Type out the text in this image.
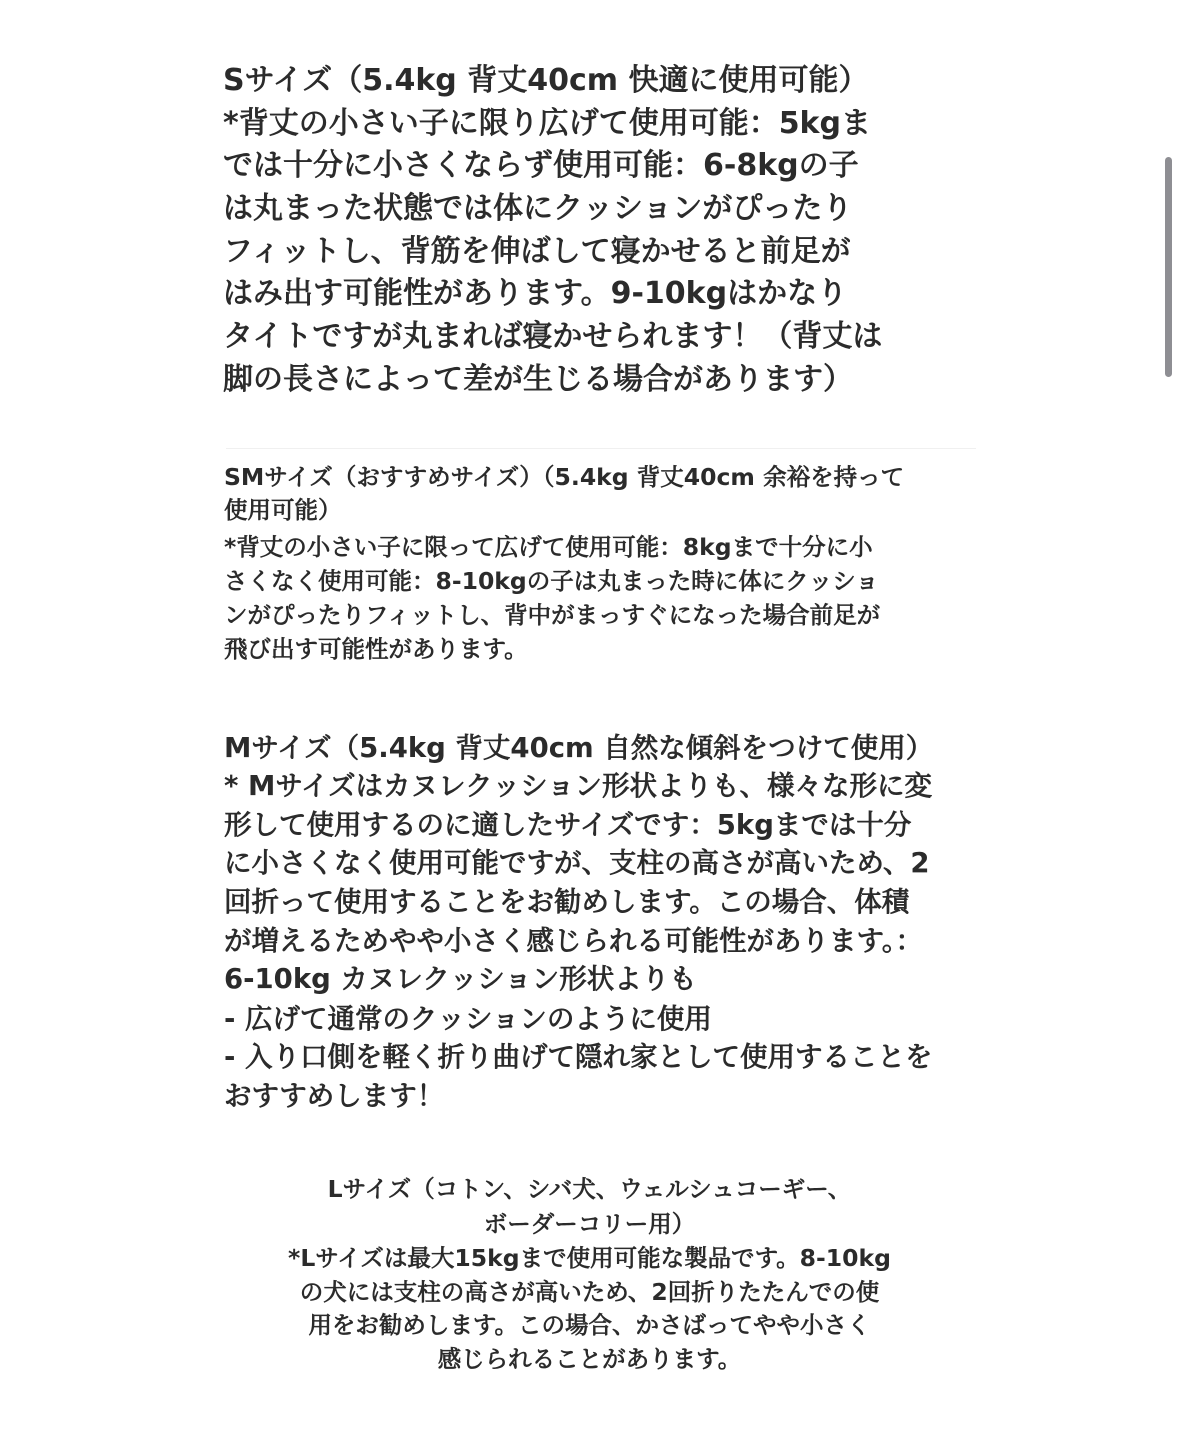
Sサイズ（5.4kg 背丈40cm 快適に使用可能）

*背丈の小さい子に限り広げて使用可能：5kgま

では十分に小さくならず使用可能：6-8kgの子

は丸まった状態では体にクッションがぴったり

フィットし、背筋を伸ばして寝かせると前足が

はみ出す可能性があります。9-10kgはかなり

タイトですが丸まれば寝かせられます！（背丈は

脚の長さによって差が生じる場合があります）

SMサイズ（おすすめサイズ）（5.4kg 背丈40cm 余裕を持って

使用可能）

*背丈の小さい子に限って広げて使用可能：8kgまで十分に小

さくなく使用可能：8-10kgの子は丸まった時に体にクッショ

ンがぴったりフィットし、背中がまっすぐになった場合前足が

飛び出す可能性があります。

Mサイズ（5.4kg 背丈40cm 自然な傾斜をつけて使用）

* Mサイズはカヌレクッション形状よりも、様々な形に変

形して使用するのに適したサイズです：5kgまでは十分

に小さくなく使用可能ですが、支柱の高さが高いため、2

回折って使用することをお勧めします。この場合、体積

が増えるためやや小さく感じられる可能性があります。：

6-10kg カヌレクッション形状よりも

- 広げて通常のクッションのように使用

- 入り口側を軽く折り曲げて隠れ家として使用することを

おすすめします！

Lサイズ（コトン、シバ犬、ウェルシュコーギー、

ボーダーコリー用）

*Lサイズは最大15kgまで使用可能な製品です。8-10kg

の犬には支柱の高さが高いため、2回折りたたんでの使

用をお勧めします。この場合、かさばってやや小さく

感じられることがあります。
